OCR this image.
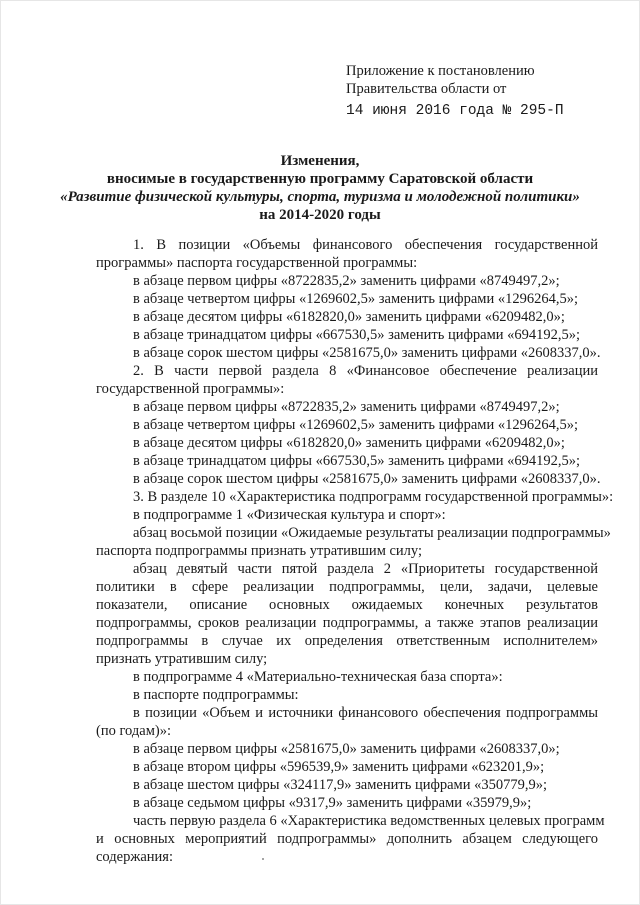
Приложение к постановлению
Правительства области от
14 июня 2016 года № 295-П
Изменения,
вносимые в государственную программу Саратовской области
«Развитие физической культуры, спорта, туризма и молодежной политики»
на 2014-2020 годы
1. В позиции «Объемы финансового обеспечения государственной
программы» паспорта государственной программы:
в абзаце первом цифры «8722835,2» заменить цифрами «8749497,2»;
в абзаце четвертом цифры «1269602,5» заменить цифрами «1296264,5»;
в абзаце десятом цифры «6182820,0» заменить цифрами «6209482,0»;
в абзаце тринадцатом цифры «667530,5» заменить цифрами «694192,5»;
в абзаце сорок шестом цифры «2581675,0» заменить цифрами «2608337,0».
2. В части первой раздела 8 «Финансовое обеспечение реализации
государственной программы»:
в абзаце первом цифры «8722835,2» заменить цифрами «8749497,2»;
в абзаце четвертом цифры «1269602,5» заменить цифрами «1296264,5»;
в абзаце десятом цифры «6182820,0» заменить цифрами «6209482,0»;
в абзаце тринадцатом цифры «667530,5» заменить цифрами «694192,5»;
в абзаце сорок шестом цифры «2581675,0» заменить цифрами «2608337,0».
3. В разделе 10 «Характеристика подпрограмм государственной программы»:
в подпрограмме 1 «Физическая культура и спорт»:
абзац восьмой позиции «Ожидаемые результаты реализации подпрограммы»
паспорта подпрограммы признать утратившим силу;
абзац девятый части пятой раздела 2 «Приоритеты государственной
политики в сфере реализации подпрограммы, цели, задачи, целевые
показатели, описание основных ожидаемых конечных результатов
подпрограммы, сроков реализации подпрограммы, а также этапов реализации
подпрограммы в случае их определения ответственным исполнителем»
признать утратившим силу;
в подпрограмме 4 «Материально-техническая база спорта»:
в паспорте подпрограммы:
в позиции «Объем и источники финансового обеспечения подпрограммы
(по годам)»:
в абзаце первом цифры «2581675,0» заменить цифрами «2608337,0»;
в абзаце втором цифры «596539,9» заменить цифрами «623201,9»;
в абзаце шестом цифры «324117,9» заменить цифрами «350779,9»;
в абзаце седьмом цифры «9317,9» заменить цифрами «35979,9»;
часть первую раздела 6 «Характеристика ведомственных целевых программ
и основных мероприятий подпрограммы» дополнить абзацем следующего
содержания:
